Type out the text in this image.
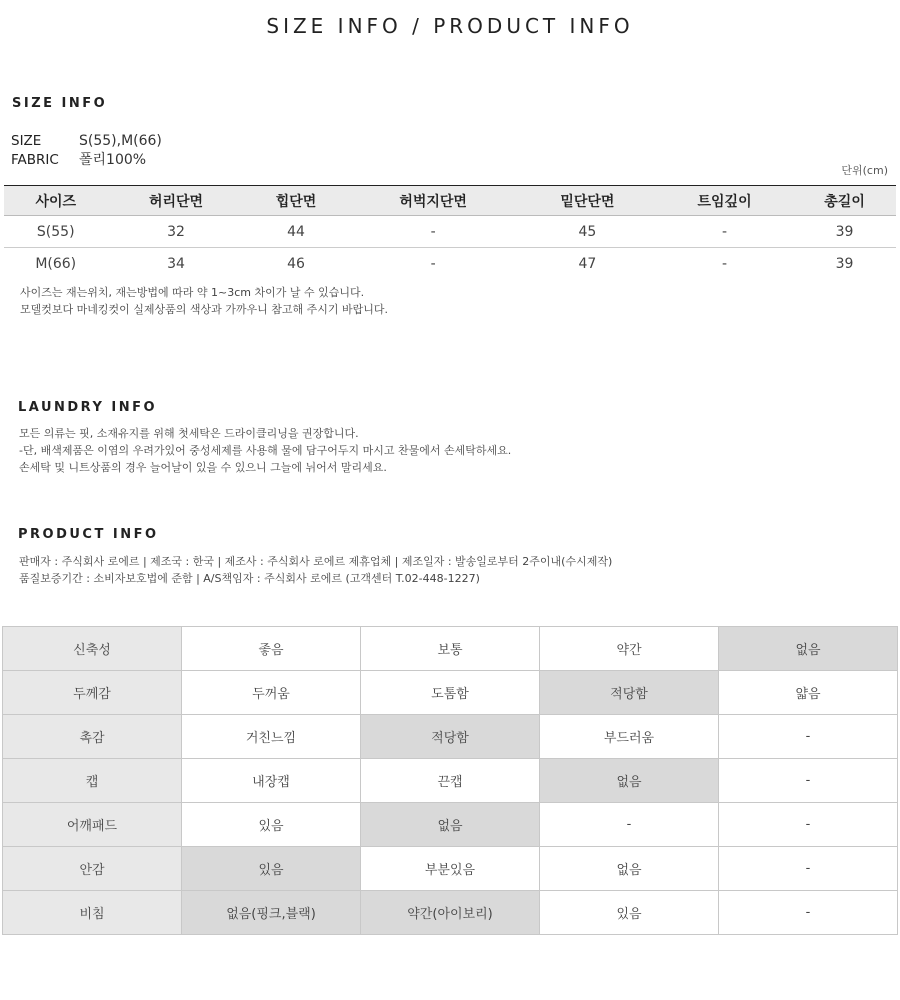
SIZE INFO / PRODUCT INFO
SIZE INFO
SIZE	S(55),M(66)
FABRIC 폴리100%
단위(cm)
사이즈	허리단면	힙단면	허벅지단면	밑단단면	트임깊이	총길이
S(55)	32	44	-	45	-	39
M(66)	34	46	-	47	-	39
사이즈는 재는위치, 재는방법에 따라 약 1~3cm 차이가 날 수 있습니다.
모델컷보다 마네킹컷이 실제상품의 색상과 가까우니 참고해 주시기 바랍니다.
LAUNDRY INFO
모든 의류는 핏, 소재유지를 위해 첫세탁은 드라이클리닝을 권장합니다.
-단, 배색제품은 이염의 우려가있어 중성세제를 사용해 물에 담구어두지 마시고 찬물에서 손세탁하세요.
손세탁 및 니트상품의 경우 늘어날이 있을 수 있으니 그늘에 뉘어서 말리세요.
PRODUCT INFO
판매자 : 주식회사 로에르 | 제조국 : 한국 | 제조사 : 주식회사 로에르 제휴업체 | 제조일자 : 발송일로부터 2주이내(수시제작)
품질보증기간 : 소비자보호법에 준함 | A/S책임자 : 주식회사 로에르 (고객센터 T.02-448-1227)
신축성	좋음	보통	약간	없음
두께감	두꺼움	도톰함	적당함	얇음
촉감	거친느낌	적당함	부드러움	-
캡	내장캡	끈캡	없음	-
어깨패드	있음	없음	-	-
안감	있음	부분있음	없음	-
비침	없음(핑크,블랙)	약간(아이보리)	있음	-
